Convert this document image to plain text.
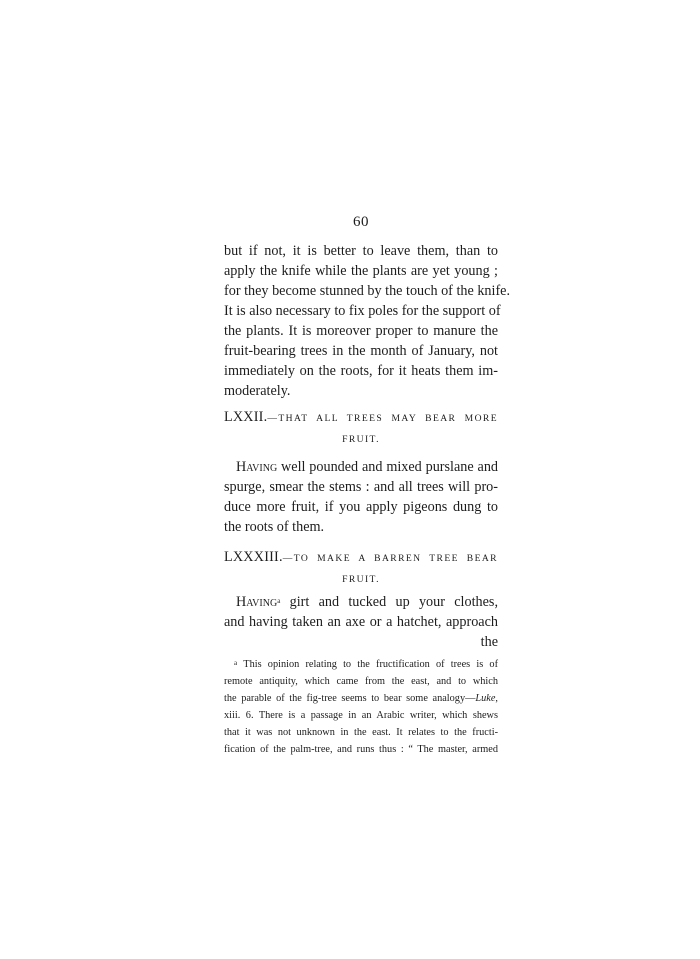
60
but if not, it is better to leave them, than to
apply the knife while the plants are yet young ;
for they become stunned by the touch of the knife.
It is also necessary to fix poles for the support of
the plants. It is moreover proper to manure the
fruit-bearing trees in the month of January, not
immediately on the roots, for it heats them im-
moderately.
LXXII. —THAT ALL TREES MAY BEAR MORE
FRUIT.
Having well pounded and mixed purslane and
spurge, smear the stems : and all trees will pro-
duce more fruit, if you apply pigeons dung to
the roots of them.
LXXXIII. —TO MAKE A BARREN TREE BEAR
FRUIT.
Having$^a$ girt and tucked up your clothes,
and having taken an axe or a hatchet, approach
the
$^a$ This opinion relating to the fructification of trees is of
remote antiquity, which came from the east, and to which
the parable of the fig-tree seems to bear some analogy—Luke,
xiii. 6. There is a passage in an Arabic writer, which shews
that it was not unknown in the east. It relates to the fructi-
fication of the palm-tree, and runs thus : “ The master, armed
